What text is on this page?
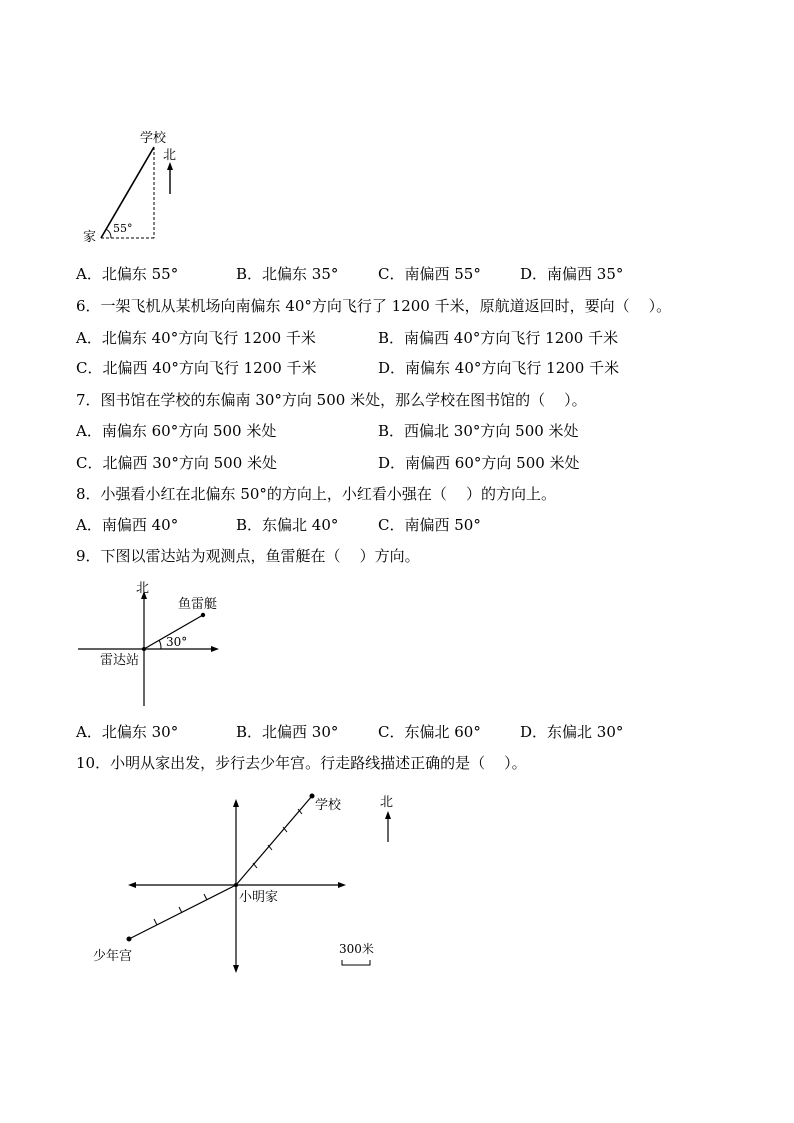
学校
北
家
55°
A．北偏东 55°	B．北偏东 35°	C．南偏西 55°	D．南偏西 35°
6．一架飞机从某机场向南偏东 40°方向飞行了 1200 千米，原航道返回时，要向（    ）。
A．北偏东 40°方向飞行 1200 千米	B．南偏西 40°方向飞行 1200 千米
C．北偏西 40°方向飞行 1200 千米	D．南偏东 40°方向飞行 1200 千米
7．图书馆在学校的东偏南 30°方向 500 米处，那么学校在图书馆的（    ）。
A．南偏东 60°方向 500 米处	B．西偏北 30°方向 500 米处
C．北偏西 30°方向 500 米处	D．南偏西 60°方向 500 米处
8．小强看小红在北偏东 50°的方向上，小红看小强在（    ）的方向上。
A．南偏西 40°	B．东偏北 40°	C．南偏西 50°
9．下图以雷达站为观测点，鱼雷艇在（    ）方向。
北
鱼雷艇
30°
雷达站
A．北偏东 30°	B．北偏西 30°	C．东偏北 60°	D．东偏北 30°
10．小明从家出发，步行去少年宫。行走路线描述正确的是（    ）。
学校	北
小明家
少年宫	300米
